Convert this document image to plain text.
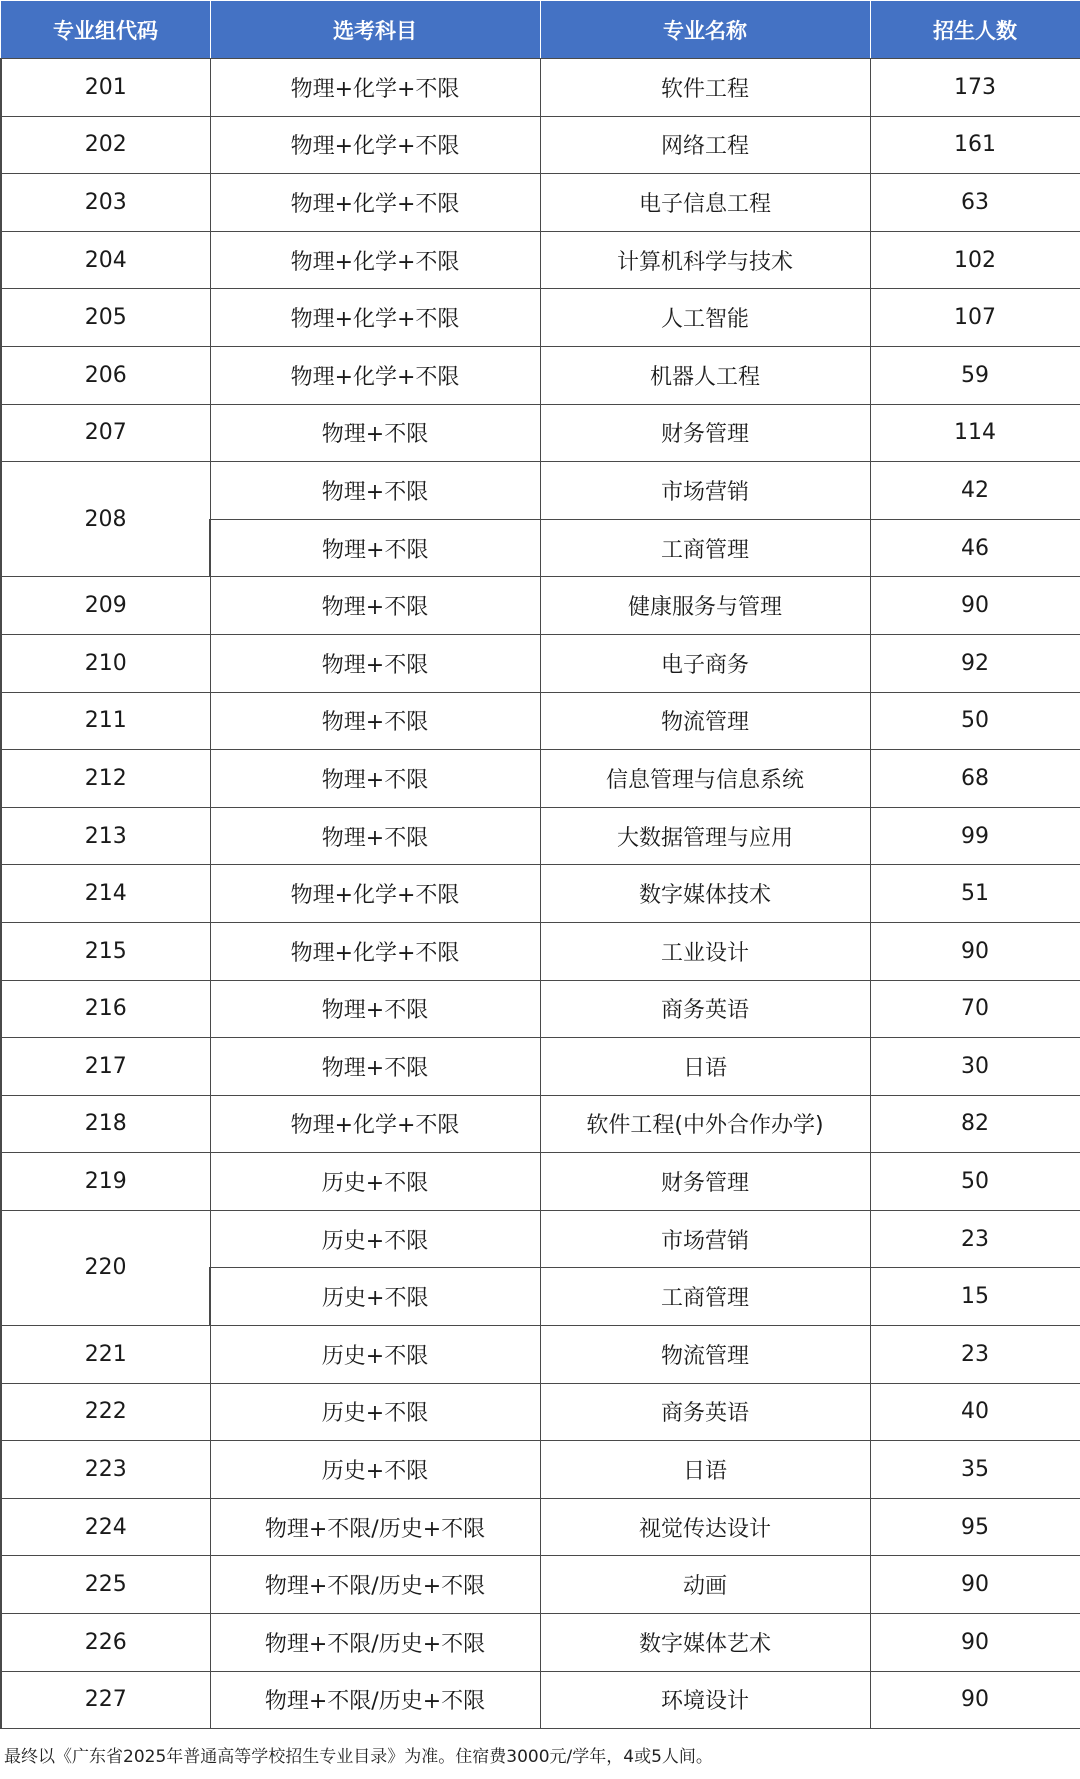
专业组代码	选考科目	专业名称	招生人数
201	物理+化学+不限	软件工程	173
202	物理+化学+不限	网络工程	161
203	物理+化学+不限	电子信息工程	63
204	物理+化学+不限	计算机科学与技术	102
205	物理+化学+不限	人工智能	107
206	物理+化学+不限	机器人工程	59
207	物理+不限	财务管理	114
208	物理+不限	市场营销	42
	物理+不限	工商管理	46
209	物理+不限	健康服务与管理	90
210	物理+不限	电子商务	92
211	物理+不限	物流管理	50
212	物理+不限	信息管理与信息系统	68
213	物理+不限	大数据管理与应用	99
214	物理+化学+不限	数字媒体技术	51
215	物理+化学+不限	工业设计	90
216	物理+不限	商务英语	70
217	物理+不限	日语	30
218	物理+化学+不限	软件工程(中外合作办学)	82
219	历史+不限	财务管理	50
220	历史+不限	市场营销	23
	历史+不限	工商管理	15
221	历史+不限	物流管理	23
222	历史+不限	商务英语	40
223	历史+不限	日语	35
224	物理+不限/历史+不限	视觉传达设计	95
225	物理+不限/历史+不限	动画	90
226	物理+不限/历史+不限	数字媒体艺术	90
227	物理+不限/历史+不限	环境设计	90
最终以《广东省2025年普通高等学校招生专业目录》为准。住宿费3000元/学年，4或5人间。
